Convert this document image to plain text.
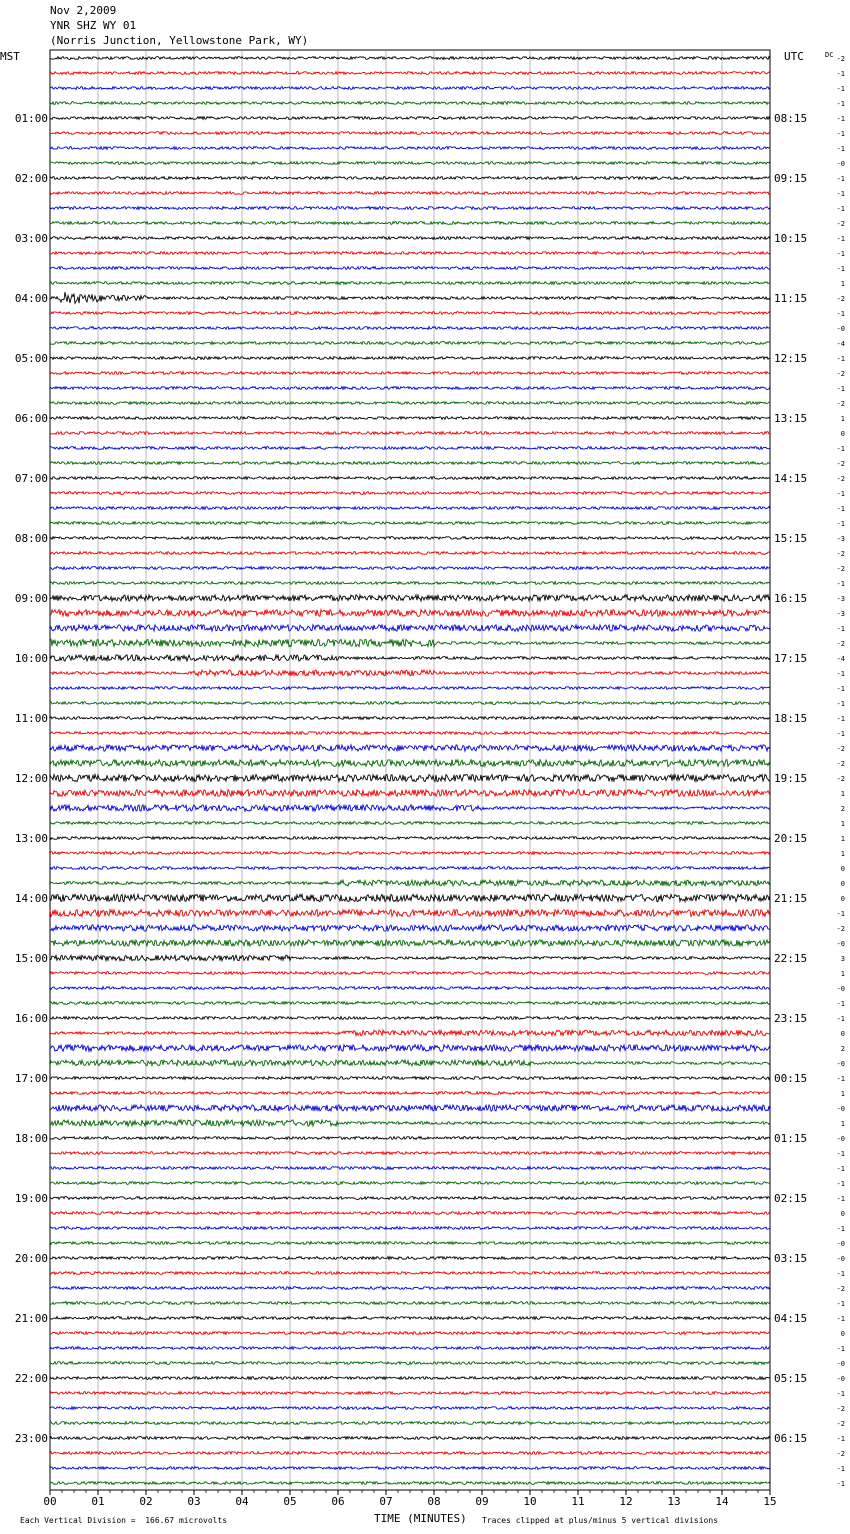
Nov 2,2009
YNR SHZ WY 01
(Norris Junction, Yellowstone Park, WY)
00	01	02	03	04	05	06	07	08	09	10	11	12	13	14	15
MST	UTC	DC
01:00
02:00
03:00
04:00
05:00
06:00
07:00
08:00
09:00
10:00
11:00
12:00
13:00
14:00
15:00
16:00
17:00
18:00
19:00
20:00
21:00
22:00
23:00
08:15
09:15
10:15
11:15
12:15
13:15
14:15
15:15
16:15
17:15
18:15
19:15
20:15
21:15
22:15
23:15
00:15
01:15
02:15
03:15
04:15
05:15
06:15
-2
-1
-1
-1
-1
-1
-1
-0
-1
-1
-1
-2
-1
-1
-1
1
-2
-1
-0
-4
-1
-2
-1
-2
1
0
-1
-2
-2
-1
-1
-1
-3
-2
-2
-1
-3
-3
-1
-2
-4
-1
-1
-1
-1
-1
-2
-2
-2
1
2
1
1
1
0
0
0
-1
-2
-0
3
1
-0
-1
-1
0
2
-0
-1
1
-0
1
-0
-1
-1
-1
-1
0
-1
-0
-0
-1
-2
-1
-1
0
-1
-0
-0
-1
-2
-2
-1
-2
-1
-1
Each Vertical Division =  166.67 microvolts	TIME (MINUTES) Traces clipped at plus/minus 5 vertical divisions
